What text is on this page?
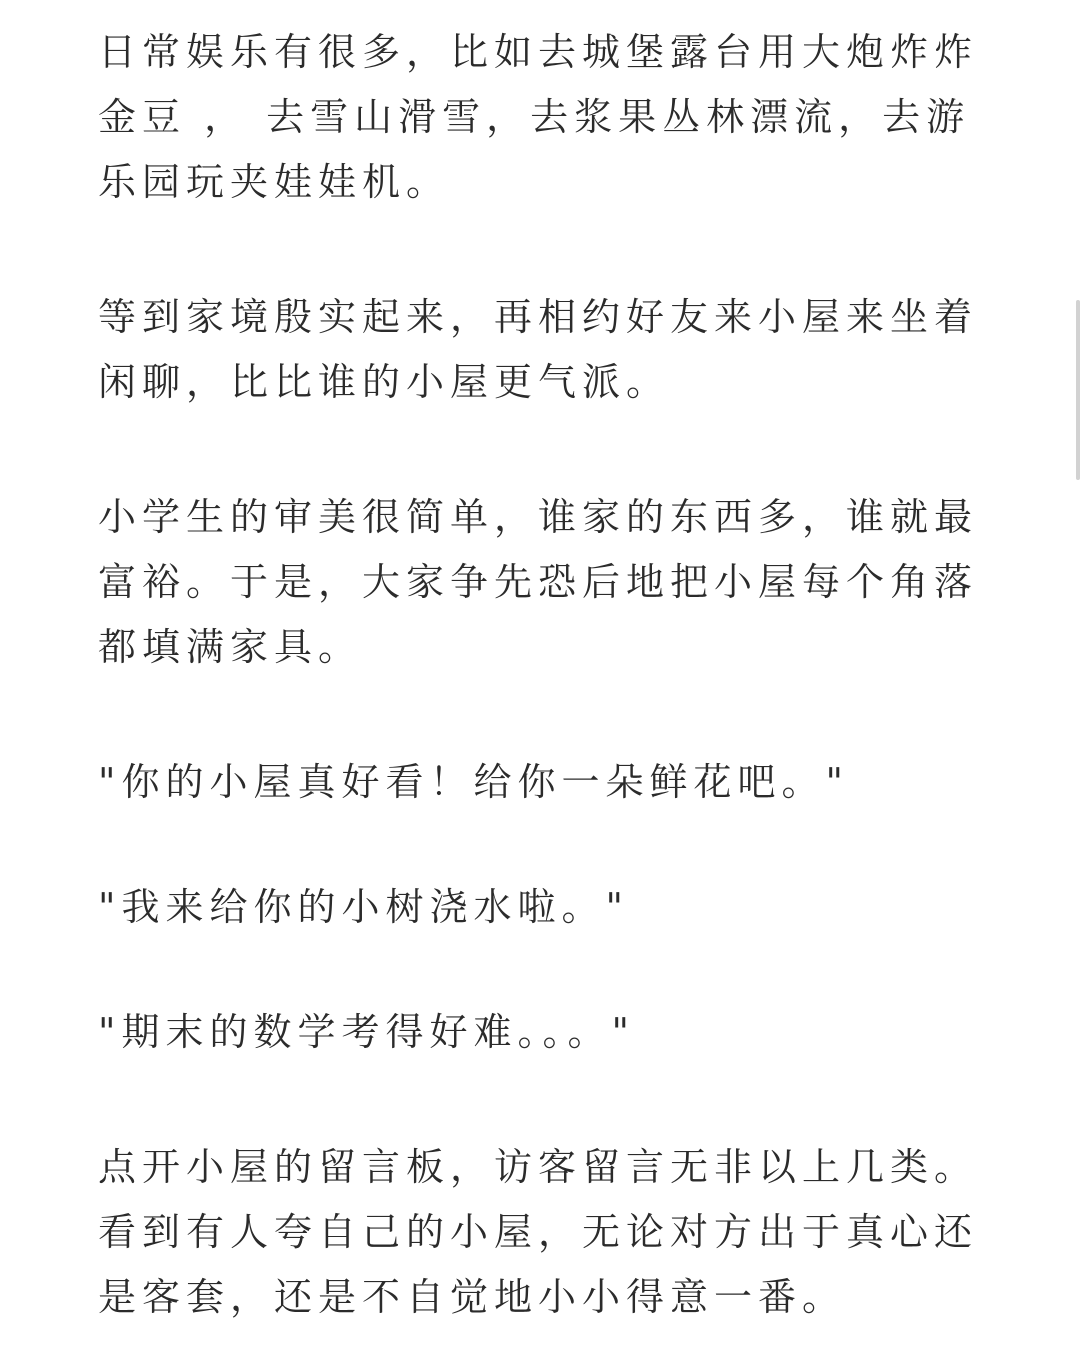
日常娱乐有很多，比如去城堡露台用大炮炸炸金豆 ， 去雪山滑雪，去浆果丛林漂流，去游乐园玩夹娃娃机。

等到家境殷实起来，再相约好友来小屋来坐着闲聊，比比谁的小屋更气派。

小学生的审美很简单，谁家的东西多，谁就最富裕。于是，大家争先恐后地把小屋每个角落都填满家具。

"你的小屋真好看！给你一朵鲜花吧。"

"我来给你的小树浇水啦。"

"期末的数学考得好难。。。"

点开小屋的留言板，访客留言无非以上几类。看到有人夸自己的小屋，无论对方出于真心还是客套，还是不自觉地小小得意一番。
